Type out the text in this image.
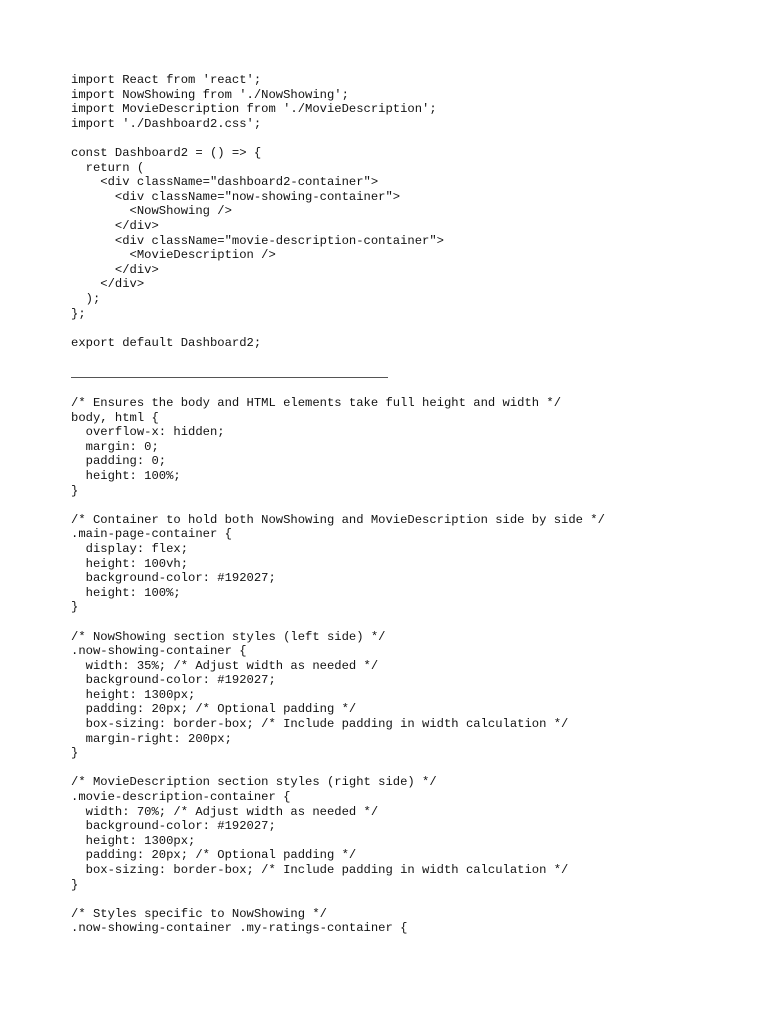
import React from 'react';
import NowShowing from './NowShowing';
import MovieDescription from './MovieDescription';
import './Dashboard2.css';

const Dashboard2 = () => {
return (
<div className="dashboard2-container">
<div className="now-showing-container">
<NowShowing />
</div>
<div className="movie-description-container">
<MovieDescription />
</div>
</div>
);
};

export default Dashboard2;
/* Ensures the body and HTML elements take full height and width */
body, html {
overflow-x: hidden;
margin: 0;
padding: 0;
height: 100%;
}

/* Container to hold both NowShowing and MovieDescription side by side */
.main-page-container {
display: flex;
height: 100vh;
background-color: #192027;
height: 100%;
}

/* NowShowing section styles (left side) */
.now-showing-container {
width: 35%; /* Adjust width as needed */
background-color: #192027;
height: 1300px;
padding: 20px; /* Optional padding */
box-sizing: border-box; /* Include padding in width calculation */
margin-right: 200px;
}

/* MovieDescription section styles (right side) */
.movie-description-container {
width: 70%; /* Adjust width as needed */
background-color: #192027;
height: 1300px;
padding: 20px; /* Optional padding */
box-sizing: border-box; /* Include padding in width calculation */
}

/* Styles specific to NowShowing */
.now-showing-container .my-ratings-container {
